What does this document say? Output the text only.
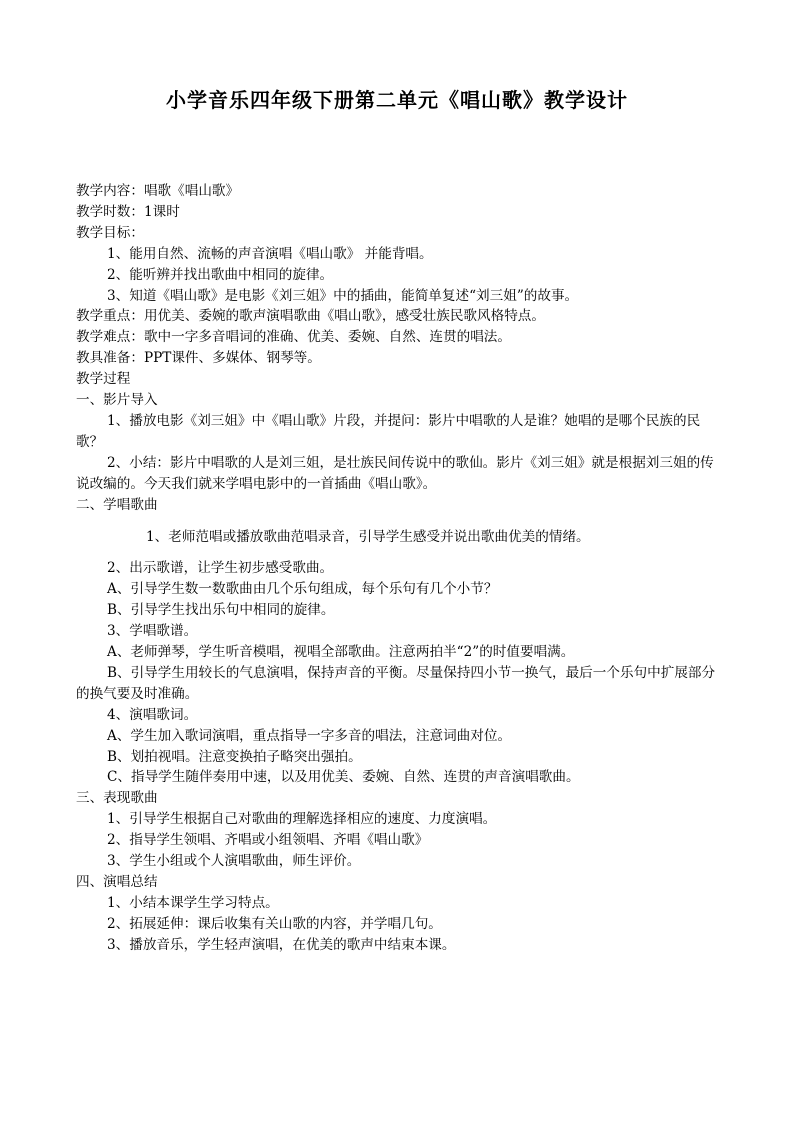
小学音乐四年级下册第二单元《唱山歌》教学设计
教学内容：唱歌《唱山歌》
教学时数：1课时
教学目标：
1、能用自然、流畅的声音演唱《唱山歌》 并能背唱。
2、能听辨并找出歌曲中相同的旋律。
3、知道《唱山歌》是电影《刘三姐》中的插曲，能简单复述“刘三姐”的故事。
教学重点：用优美、委婉的歌声演唱歌曲《唱山歌》，感受壮族民歌风格特点。
教学难点：歌中一字多音唱词的准确、优美、委婉、自然、连贯的唱法。
教具准备：PPT课件、多媒体、钢琴等。
教学过程
一、影片导入
1、播放电影《刘三姐》中《唱山歌》片段，并提问：影片中唱歌的人是谁？她唱的是哪个民族的民歌？
2、小结：影片中唱歌的人是刘三姐，是壮族民间传说中的歌仙。影片《刘三姐》就是根据刘三姐的传说改编的。今天我们就来学唱电影中的一首插曲《唱山歌》。
二、学唱歌曲
1、老师范唱或播放歌曲范唱录音，引导学生感受并说出歌曲优美的情绪。
2、出示歌谱，让学生初步感受歌曲。
A、引导学生数一数歌曲由几个乐句组成，每个乐句有几个小节？
B、引导学生找出乐句中相同的旋律。
3、学唱歌谱。
A、老师弹琴，学生听音模唱，视唱全部歌曲。注意两拍半“2”的时值要唱满。
B、引导学生用较长的气息演唱，保持声音的平衡。尽量保持四小节一换气，最后一个乐句中扩展部分的换气要及时准确。
4、演唱歌词。
A、学生加入歌词演唱，重点指导一字多音的唱法，注意词曲对位。
B、划拍视唱。注意变换拍子略突出强拍。
C、指导学生随伴奏用中速，以及用优美、委婉、自然、连贯的声音演唱歌曲。
三、表现歌曲
1、引导学生根据自己对歌曲的理解选择相应的速度、力度演唱。
2、指导学生领唱、齐唱或小组领唱、齐唱《唱山歌》
3、学生小组或个人演唱歌曲，师生评价。
四、演唱总结
1、小结本课学生学习特点。
2、拓展延伸：课后收集有关山歌的内容，并学唱几句。
3、播放音乐，学生轻声演唱，在优美的歌声中结束本课。
